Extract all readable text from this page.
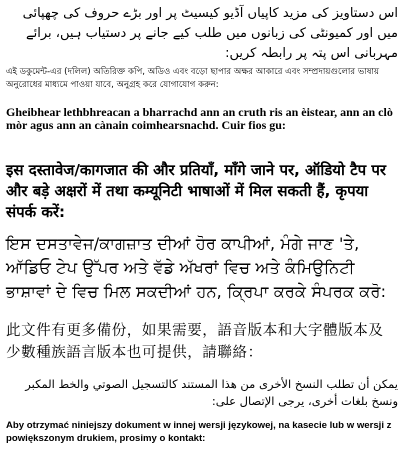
اس دستاویز کی مزید کاپیاں آڈیو کیسیٹ پر اور بڑے حروف کی چھپائی میں اور کمیونٹی کی زبانوں میں طلب کیے جانے پر دستیاب ہیں، برائے مہربانی اس پتہ پر رابطہ کریں:

এই ডকুমেন্ট-এর (দলিল) অতিরিক্ত কপি, অডিও এবং বড়ো ছাপার অক্ষর আকারে এবং সম্প্রদায়গুলোর ভাষায় অনুরোধের মাধ্যমে পাওয়া যাবে, অনুগ্রহ করে যোগাযোগ করুন:

Gheibhear lethbhreacan a bharrachd ann an cruth ris an èistear, ann an clò mòr agus ann an cànain coimhearsnachd. Cuir fios gu:

इस दस्तावेज/कागजात की और प्रतियाँ, माँगे जाने पर, ऑडियो टैप पर और बड़े अक्षरों में तथा कम्यूनिटी भाषाओं में मिल सकती हैं, कृपया संपर्क करें:

ਇਸ ਦਸਤਾਵੇਜ/ਕਾਗਜ਼ਾਤ ਦੀਆਂ ਹੋਰ ਕਾਪੀਆਂ, ਮੰਗੇ ਜਾਣ 'ਤੇ, ਆੱਡਿਓ ਟੇਪ ਉੱਪਰ ਅਤੇ ਵੱਡੇ ਅੱਖਰਾਂ ਵਿਚ ਅਤੇ ਕੰਮਿਉਨਿਟੀ ਭਾਸ਼ਾਵਾਂ ਦੇ ਵਿਚ ਮਿਲ ਸਕਦੀਆਂ ਹਨ, ਕ੍ਰਿਪਾ ਕਰਕੇ ਸੰਪਰਕ ਕਰੋ:

此文件有更多備份，如果需要，語音版本和大字體版本及少數種族語言版本也可提供，請聯絡：

يمكن أن تطلب النسخ الأخرى من هذا المستند كالتسجيل الصوتي والخط المكبر ونسخ بلغات أخرى، يرجى الإتصال على:

Aby otrzymać niniejszy dokument w innej wersji językowej, na kasecie lub w wersji z powiększonym drukiem, prosimy o kontakt:
